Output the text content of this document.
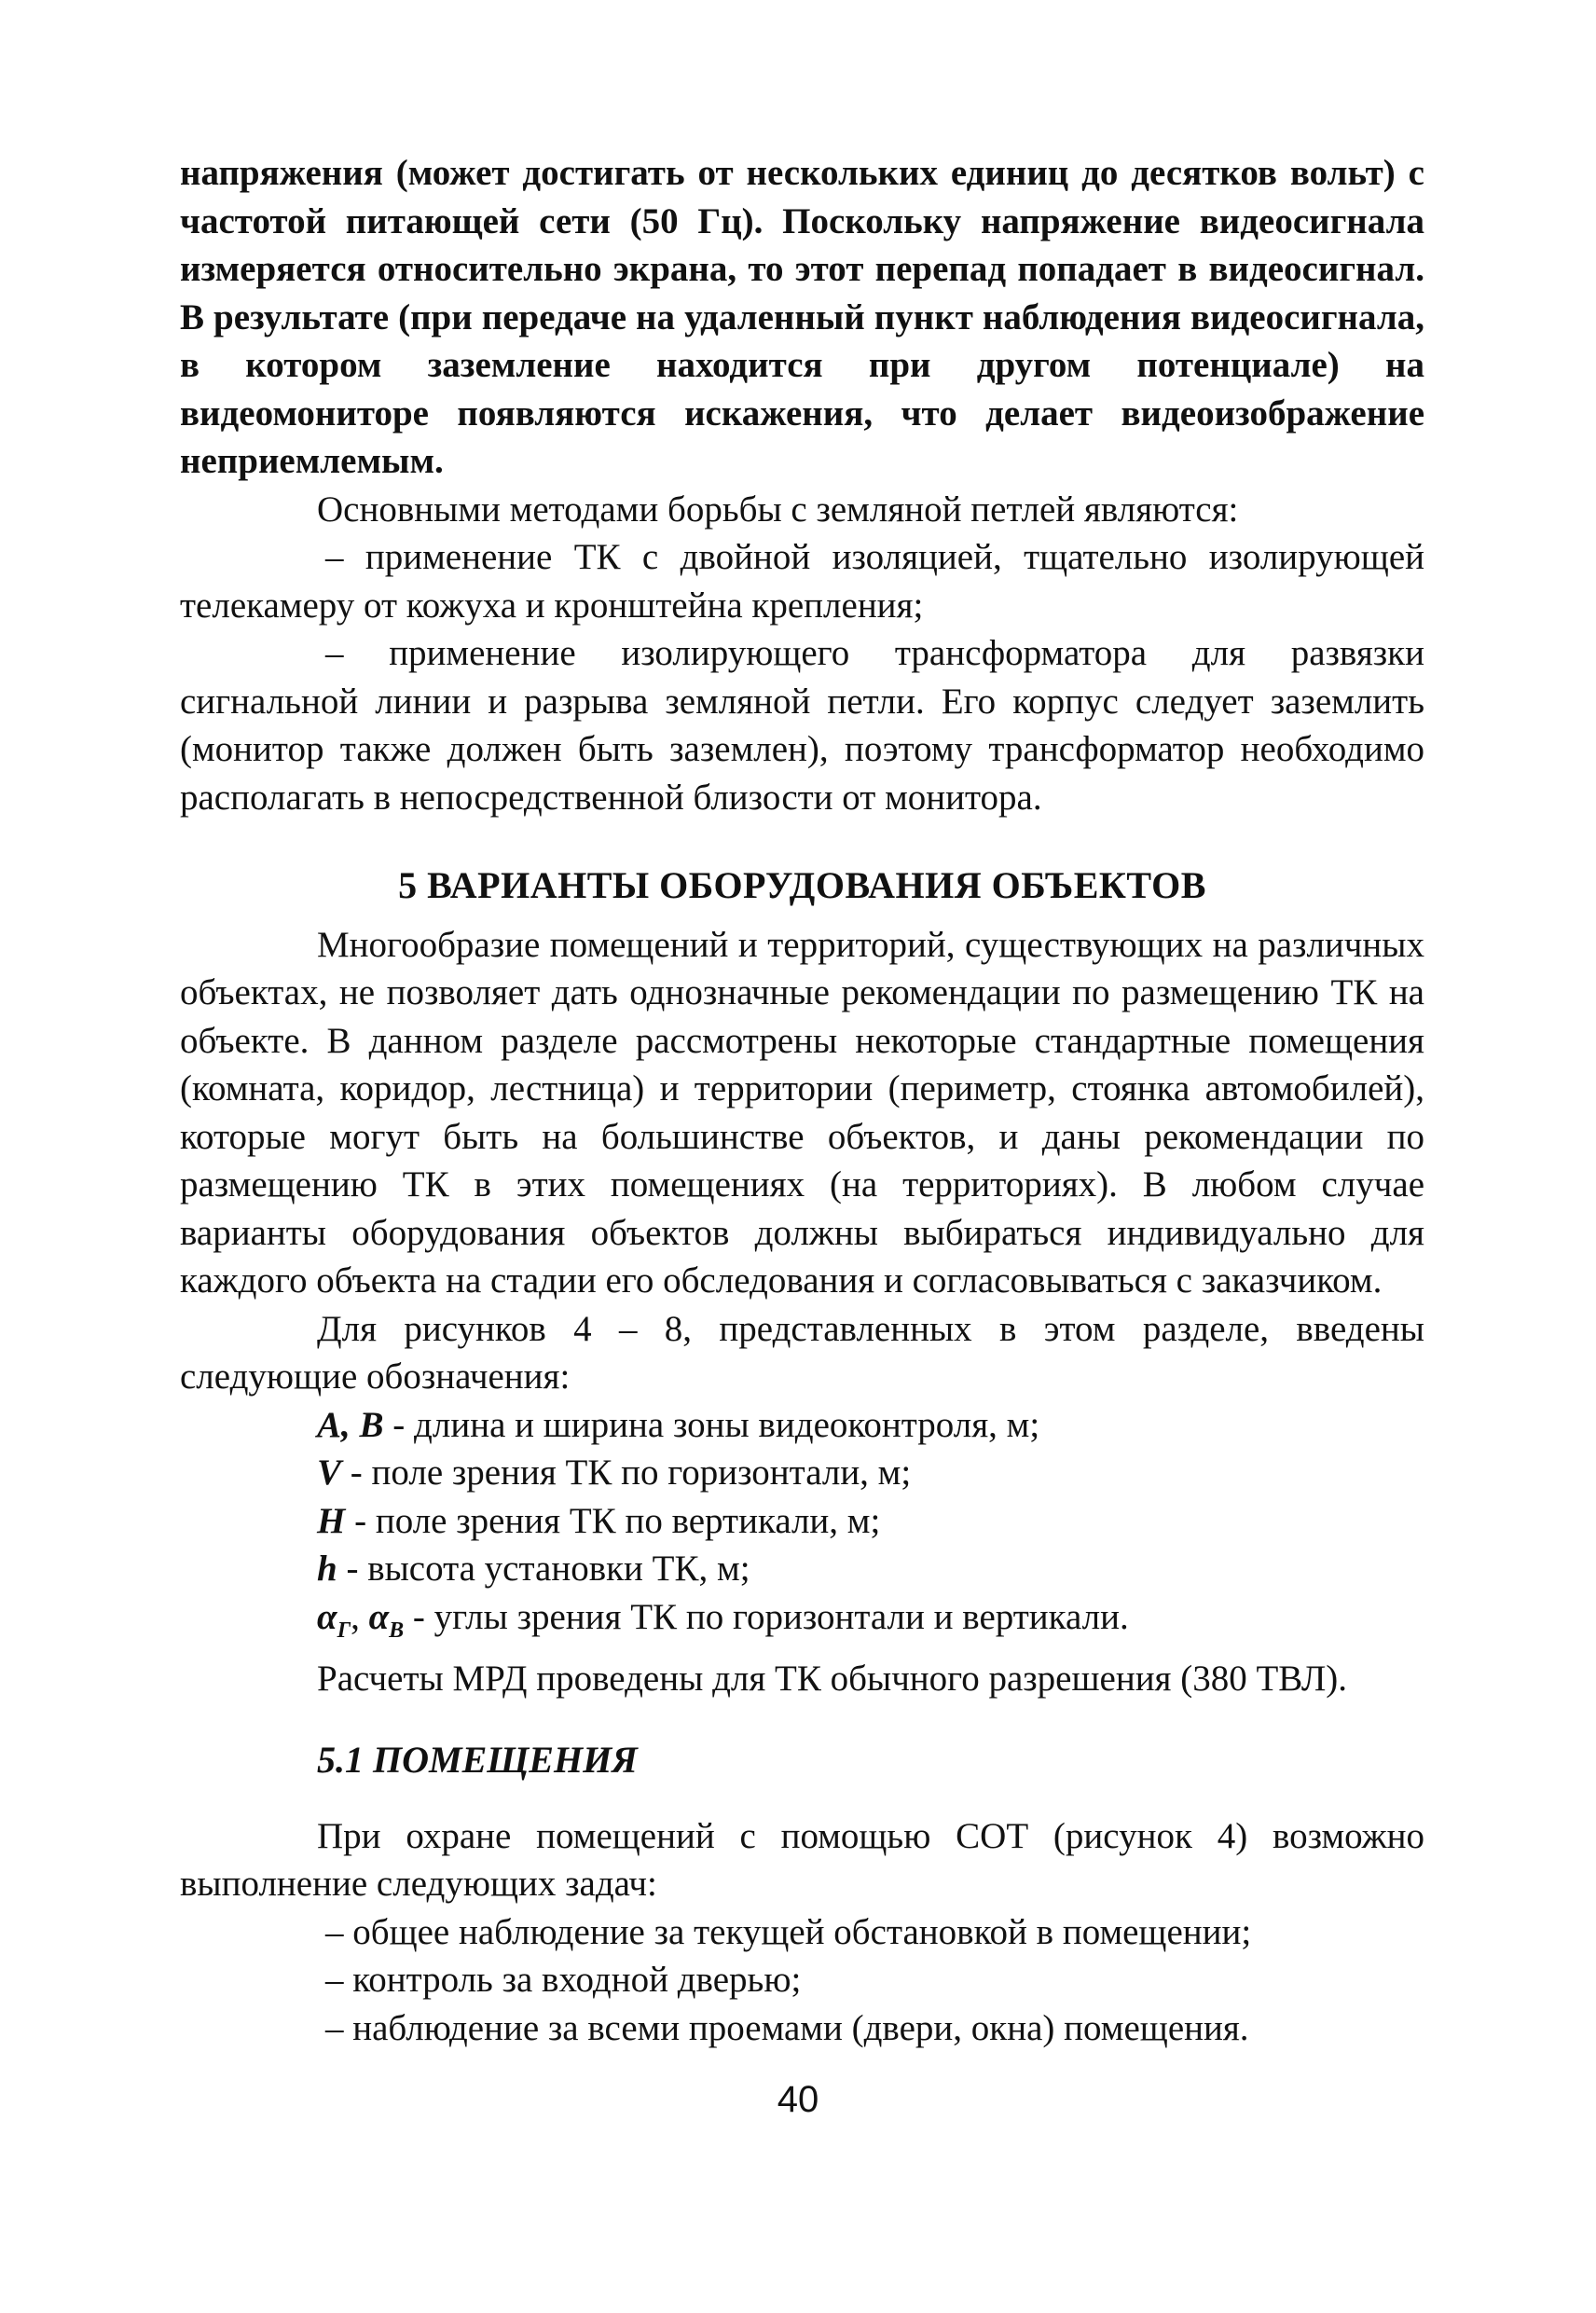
напряжения (может достигать от нескольких единиц до десятков вольт) с частотой питающей сети (50 Гц). Поскольку напряжение видеосигнала измеряется относительно экрана, то этот перепад попадает в видеосигнал. В результате (при передаче на удаленный пункт наблюдения видеосигнала, в котором заземление находится при другом потенциале) на видеомониторе появляются искажения, что делает видеоизображение неприемлемым.

Основными методами борьбы с земляной петлей являются:

– применение ТК с двойной изоляцией, тщательно изолирующей телекамеру от кожуха и кронштейна крепления;

– применение изолирующего трансформатора для развязки сигнальной линии и разрыва земляной петли. Его корпус следует заземлить (монитор также должен быть заземлен), поэтому трансформатор необходимо располагать в непосредственной близости от монитора.

5 ВАРИАНТЫ ОБОРУДОВАНИЯ ОБЪЕКТОВ

Многообразие помещений и территорий, существующих на различных объектах, не позволяет дать однозначные рекомендации по размещению ТК на объекте. В данном разделе рассмотрены некоторые стандартные помещения (комната, коридор, лестница) и территории (периметр, стоянка автомобилей), которые могут быть на большинстве объектов, и даны рекомендации по размещению ТК в этих помещениях (на территориях). В любом случае варианты оборудования объектов должны выбираться индивидуально для каждого объекта на стадии его обследования и согласовываться с заказчиком.

Для рисунков 4 – 8, представленных в этом разделе, введены следующие обозначения:

А, В - длина и ширина зоны видеоконтроля, м;

V - поле зрения ТК по горизонтали, м;

Н - поле зрения ТК по вертикали, м;

h - высота установки ТК, м;

$\alpha_Г$, $\alpha_В$ - углы зрения ТК по горизонтали и вертикали.

Расчеты МРД проведены для ТК обычного разрешения (380 ТВЛ).

5.1 ПОМЕЩЕНИЯ

При охране помещений с помощью СОТ (рисунок 4) возможно выполнение следующих задач:

– общее наблюдение за текущей обстановкой в помещении;

– контроль за входной дверью;

– наблюдение за всеми проемами (двери, окна) помещения.

40
